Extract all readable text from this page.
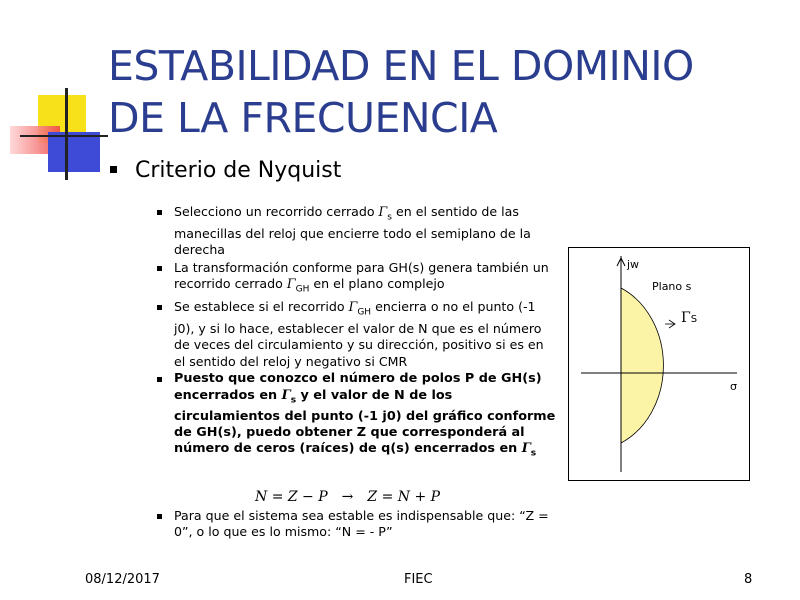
ESTABILIDAD EN EL DOMINIO
DE LA FRECUENCIA
Criterio de Nyquist
Selecciono un recorrido cerrado $\Gamma_s$ en el sentido de las manecillas del reloj que encierre todo el semiplano de la derecha
La transformación conforme para GH(s) genera también un recorrido cerrado $\Gamma_{GH}$ en el plano complejo
Se establece si el recorrido $\Gamma_{GH}$ encierra o no el punto (-1 j0), y si lo hace, establecer el valor de N que es el número de veces del circulamiento y su dirección, positivo si es en el sentido del reloj y negativo si CMR
Puesto que conozco el número de polos P de GH(s) encerrados en $\Gamma_s$ y el valor de N de los circulamientos del punto (-1 j0) del gráfico conforme de GH(s), puedo obtener Z que corresponderá al número de ceros (raíces) de q(s) encerrados en $\Gamma_s$
N = Z − P → Z = N + P
Para que el sistema sea estable es indispensable que: “Z = 0”, o lo que es lo mismo: “N = - P”
jw
Plano s
ΓS
σ
08/12/2017	FIEC	8
